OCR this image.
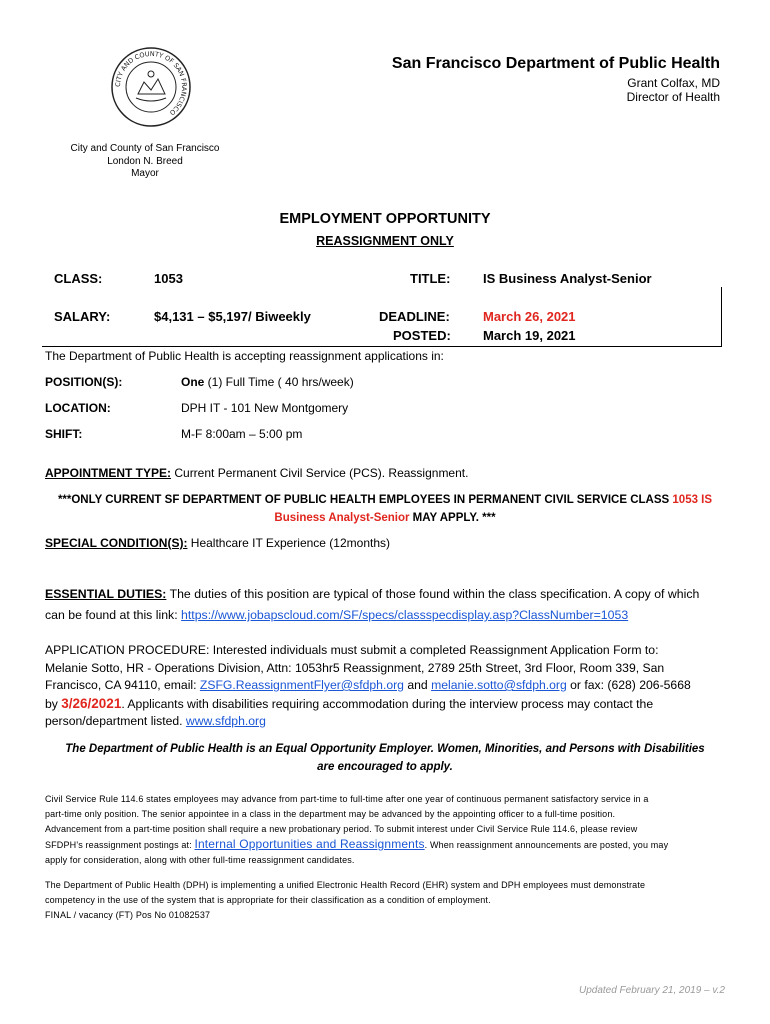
CITY AND COUNTY OF SAN FRANCISCO
San Francisco Department of Public Health
Grant Colfax, MD
Director of Health
City and County of San Francisco
London N. Breed
Mayor
EMPLOYMENT OPPORTUNITY
REASSIGNMENT ONLY
CLASS:	1053	TITLE:	IS Business Analyst-Senior
SALARY:	$4,131 – $5,197/ Biweekly	DEADLINE:	March 26, 2021
POSTED: March 19, 2021
The Department of Public Health is accepting reassignment applications in:
POSITION(S):	One (1) Full Time ( 40 hrs/week)
LOCATION:	DPH IT - 101 New Montgomery
SHIFT:	M-F 8:00am – 5:00 pm
APPOINTMENT TYPE: Current Permanent Civil Service (PCS). Reassignment.
***ONLY CURRENT SF DEPARTMENT OF PUBLIC HEALTH EMPLOYEES IN PERMANENT CIVIL SERVICE CLASS 1053 IS
Business Analyst-Senior MAY APPLY. ***
SPECIAL CONDITION(S): Healthcare IT Experience (12months)
ESSENTIAL DUTIES: The duties of this position are typical of those found within the class specification. A copy of which
can be found at this link: https://www.jobapscloud.com/SF/specs/classspecdisplay.asp?ClassNumber=1053
APPLICATION PROCEDURE: Interested individuals must submit a completed Reassignment Application Form to:
Melanie Sotto, HR - Operations Division, Attn: 1053hr5 Reassignment, 2789 25th Street, 3rd Floor, Room 339, San
Francisco, CA 94110, email: ZSFG.ReassignmentFlyer@sfdph.org and melanie.sotto@sfdph.org or fax: (628) 206-5668
by 3/26/2021. Applicants with disabilities requiring accommodation during the interview process may contact the
person/department listed. www.sfdph.org
The Department of Public Health is an Equal Opportunity Employer. Women, Minorities, and Persons with Disabilities
are encouraged to apply.
Civil Service Rule 114.6 states employees may advance from part-time to full-time after one year of continuous permanent satisfactory service in a
part-time only position. The senior appointee in a class in the department may be advanced by the appointing officer to a full-time position.
Advancement from a part-time position shall require a new probationary period. To submit interest under Civil Service Rule 114.6, please review
SFDPH’s reassignment postings at: Internal Opportunities and Reassignments. When reassignment announcements are posted, you may
apply for consideration, along with other full-time reassignment candidates.
The Department of Public Health (DPH) is implementing a unified Electronic Health Record (EHR) system and DPH employees must demonstrate
competency in the use of the system that is appropriate for their classification as a condition of employment.
FINAL / vacancy (FT) Pos No 01082537
Updated February 21, 2019 – v.2
